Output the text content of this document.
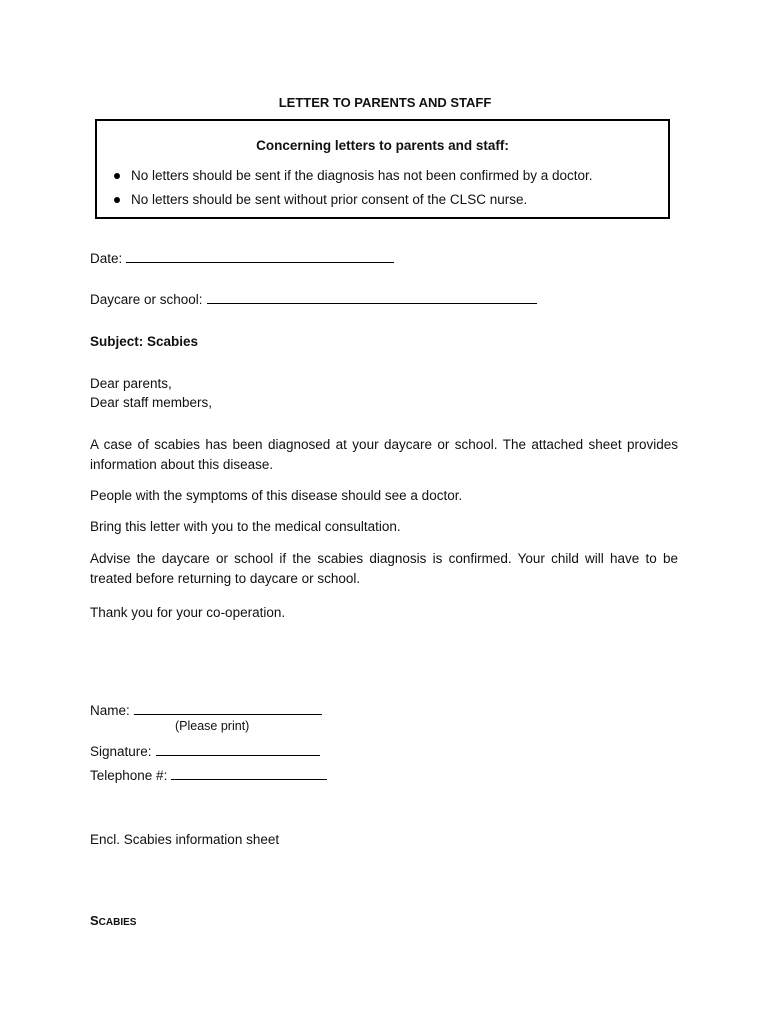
LETTER TO PARENTS AND STAFF
Concerning letters to parents and staff:
No letters should be sent if the diagnosis has not been confirmed by a doctor.
No letters should be sent without prior consent of the CLSC nurse.
Date:
Daycare or school:
Subject: Scabies
Dear parents,
Dear staff members,
A case of scabies has been diagnosed at your daycare or school. The attached sheet provides information about this disease.
People with the symptoms of this disease should see a doctor.
Bring this letter with you to the medical consultation.
Advise the daycare or school if the scabies diagnosis is confirmed. Your child will have to be treated before returning to daycare or school.
Thank you for your co-operation.
Name:
(Please print)
Signature:
Telephone #:
Encl. Scabies information sheet
SCABIES
